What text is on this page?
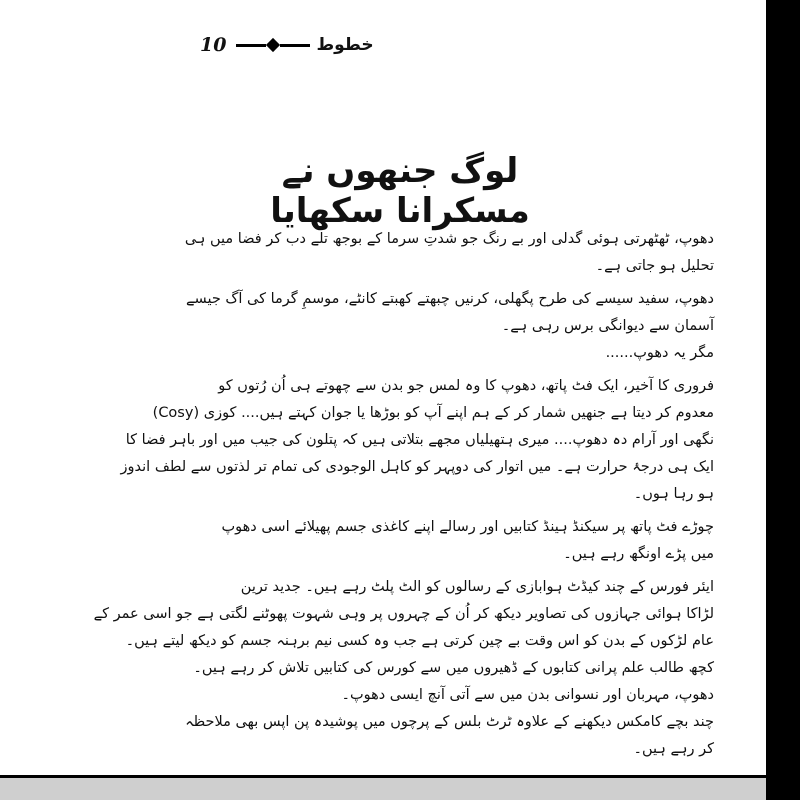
10	خطوط
لوگ جنھوں نے مسکرانا سکھایا
دھوپ، ٹھٹھرتی ہوئی گدلی اور بے رنگ جو شدتِ سرما کے بوجھ تلے دب کر فضا میں ہی
تحلیل ہو جاتی ہے۔
دھوپ، سفید سیسے کی طرح پگھلی، کرنیں چبھتے کھبتے کانٹے، موسمِ گرما کی آگ جیسے
آسمان سے دیوانگی برس رہی ہے۔
مگر یہ دھوپ......
فروری کا آخیر، ایک فٹ پاتھ، دھوپ کا وہ لمس جو بدن سے چھوتے ہی اُن رُتوں کو
معدوم کر دیتا ہے جنھیں شمار کر کے ہم اپنے آپ کو بوڑھا یا جوان کہتے ہیں.... کوزی (Cosy)
نگھی اور آرام دہ دھوپ.... میری ہتھیلیاں مجھے بتلاتی ہیں کہ پتلون کی جیب میں اور باہر فضا کا
ایک ہی درجۂ حرارت ہے۔ میں اتوار کی دوپہر کو کاہل الوجودی کی تمام تر لذتوں سے لطف اندوز
ہو رہا ہوں۔
چوڑے فٹ پاتھ پر سیکنڈ ہینڈ کتابیں اور رسالے اپنے کاغذی جسم پھیلائے اسی دھوپ
میں پڑے اونگھ رہے ہیں۔
ایئر فورس کے چند کیڈٹ ہوابازی کے رسالوں کو الٹ پلٹ رہے ہیں۔ جدید ترین
لڑاکا ہوائی جہازوں کی تصاویر دیکھ کر اُن کے چہروں پر وہی شہوت پھوٹنے لگتی ہے جو اسی عمر کے
عام لڑکوں کے بدن کو اس وقت بے چین کرتی ہے جب وہ کسی نیم برہنہ جسم کو دیکھ لیتے ہیں۔
کچھ طالب علم پرانی کتابوں کے ڈھیروں میں سے کورس کی کتابیں تلاش کر رہے ہیں۔
دھوپ، مہربان اور نسوانی بدن میں سے آتی آنچ ایسی دھوپ۔
چند بچے کامکس دیکھنے کے علاوہ ٹرٹ بلس کے پرچوں میں پوشیدہ پن اپس بھی ملاحظہ
کر رہے ہیں۔
